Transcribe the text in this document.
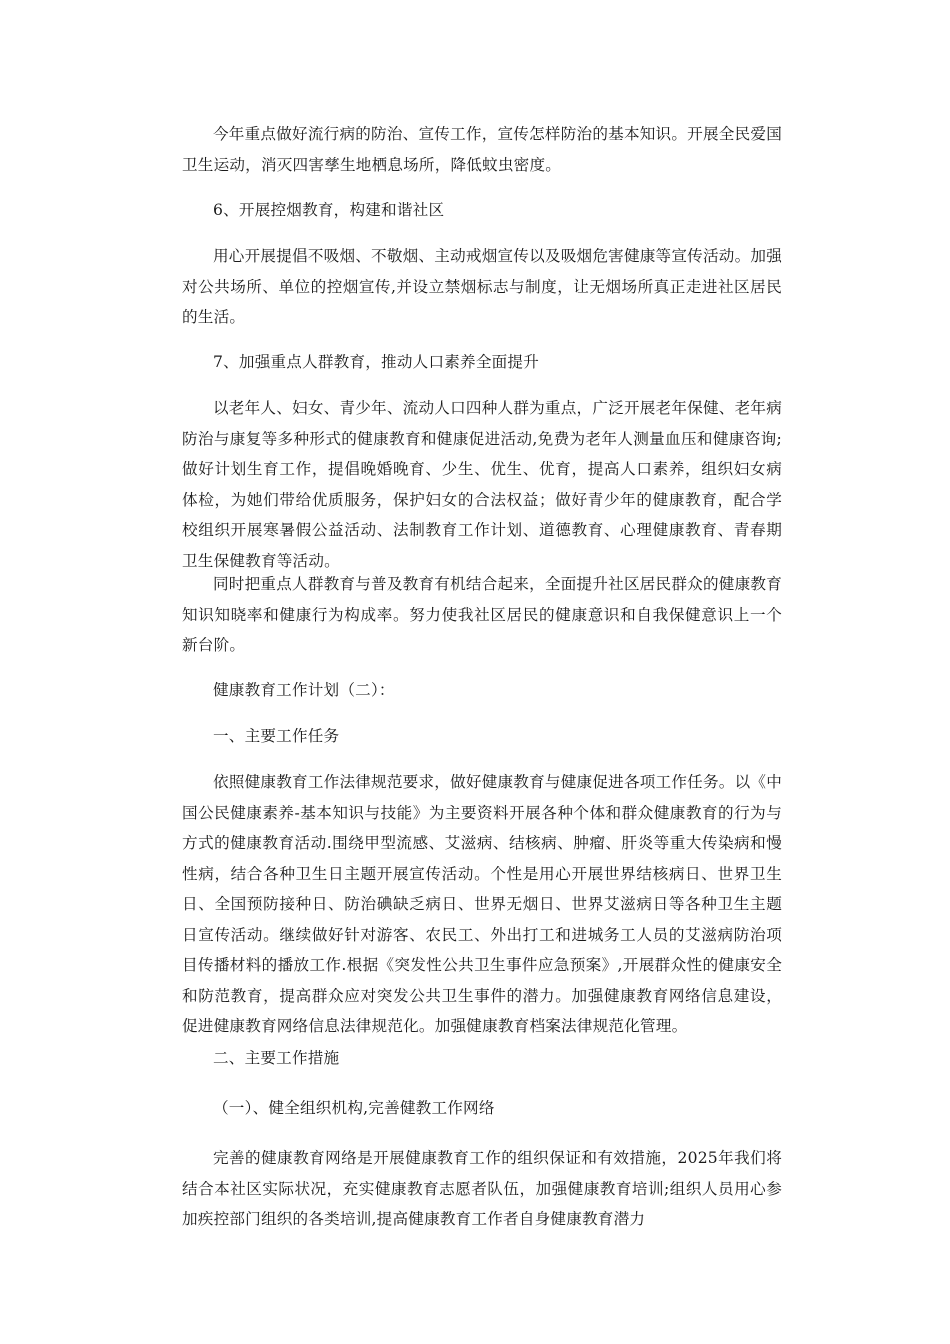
今年重点做好流行病的防治、宣传工作，宣传怎样防治的基本知识。开展全民爱国卫生运动，消灭四害孳生地栖息场所，降低蚊虫密度。

6、开展控烟教育，构建和谐社区

用心开展提倡不吸烟、不敬烟、主动戒烟宣传以及吸烟危害健康等宣传活动。加强对公共场所、单位的控烟宣传,并设立禁烟标志与制度，让无烟场所真正走进社区居民的生活。

7、加强重点人群教育，推动人口素养全面提升

以老年人、妇女、青少年、流动人口四种人群为重点，广泛开展老年保健、老年病防治与康复等多种形式的健康教育和健康促进活动,免费为老年人测量血压和健康咨询;做好计划生育工作，提倡晚婚晚育、少生、优生、优育，提高人口素养，组织妇女病体检，为她们带给优质服务，保护妇女的合法权益；做好青少年的健康教育，配合学校组织开展寒暑假公益活动、法制教育工作计划、道德教育、心理健康教育、青春期卫生保健教育等活动。

同时把重点人群教育与普及教育有机结合起来，全面提升社区居民群众的健康教育知识知晓率和健康行为构成率。努力使我社区居民的健康意识和自我保健意识上一个新台阶。

健康教育工作计划（二）：

一、主要工作任务

依照健康教育工作法律规范要求，做好健康教育与健康促进各项工作任务。以《中国公民健康素养-基本知识与技能》为主要资料开展各种个体和群众健康教育的行为与方式的健康教育活动.围绕甲型流感、艾滋病、结核病、肿瘤、肝炎等重大传染病和慢性病，结合各种卫生日主题开展宣传活动。个性是用心开展世界结核病日、世界卫生日、全国预防接种日、防治碘缺乏病日、世界无烟日、世界艾滋病日等各种卫生主题日宣传活动。继续做好针对游客、农民工、外出打工和进城务工人员的艾滋病防治项目传播材料的播放工作.根据《突发性公共卫生事件应急预案》,开展群众性的健康安全和防范教育，提高群众应对突发公共卫生事件的潜力。加强健康教育网络信息建设，促进健康教育网络信息法律规范化。加强健康教育档案法律规范化管理。

二、主要工作措施

（一）、健全组织机构,完善健教工作网络

完善的健康教育网络是开展健康教育工作的组织保证和有效措施，2025年我们将结合本社区实际状况，充实健康教育志愿者队伍，加强健康教育培训;组织人员用心参加疾控部门组织的各类培训,提高健康教育工作者自身健康教育潜力
